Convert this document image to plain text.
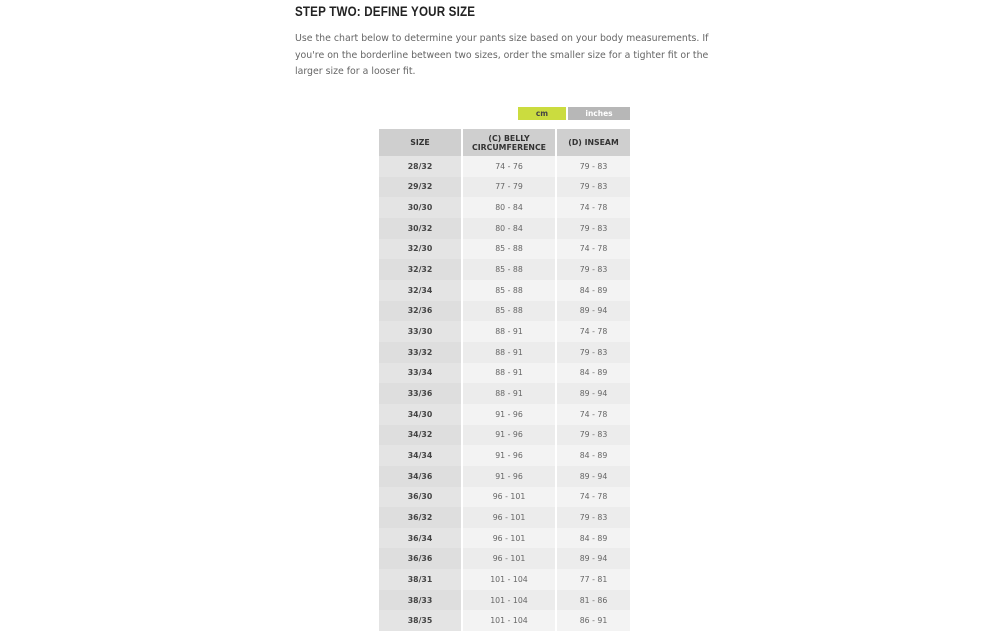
STEP TWO: DEFINE YOUR SIZE
Use the chart below to determine your pants size based on your body measurements. If you're on the borderline between two sizes, order the smaller size for a tighter fit or the larger size for a looser fit.
cm	inches
SIZE	(C) BELLY CIRCUMFERENCE	(D) INSEAM
28/32	74 - 76	79 - 83
29/32	77 - 79	79 - 83
30/30	80 - 84	74 - 78
30/32	80 - 84	79 - 83
32/30	85 - 88	74 - 78
32/32	85 - 88	79 - 83
32/34	85 - 88	84 - 89
32/36	85 - 88	89 - 94
33/30	88 - 91	74 - 78
33/32	88 - 91	79 - 83
33/34	88 - 91	84 - 89
33/36	88 - 91	89 - 94
34/30	91 - 96	74 - 78
34/32	91 - 96	79 - 83
34/34	91 - 96	84 - 89
34/36	91 - 96	89 - 94
36/30	96 - 101	74 - 78
36/32	96 - 101	79 - 83
36/34	96 - 101	84 - 89
36/36	96 - 101	89 - 94
38/31	101 - 104	77 - 81
38/33	101 - 104	81 - 86
38/35	101 - 104	86 - 91
